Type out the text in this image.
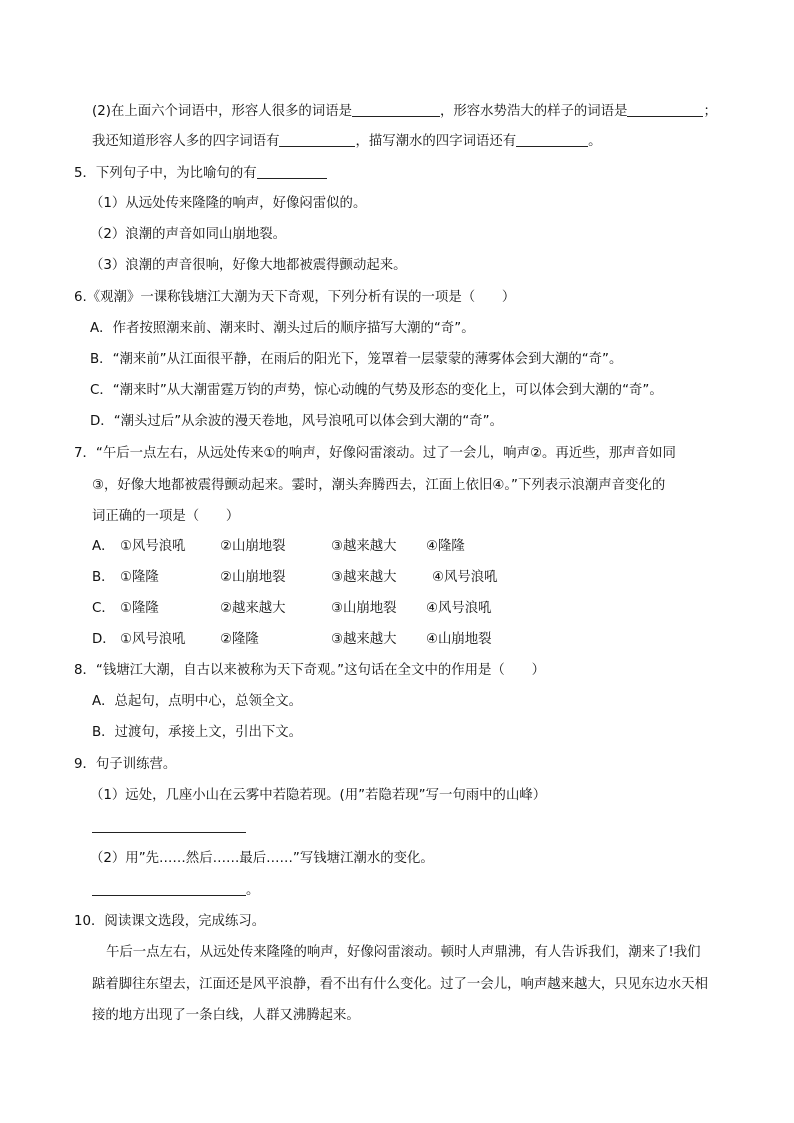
(2)在上面六个词语中，形容人很多的词语是	，形容水势浩大的样子的词语是	；
我还知道形容人多的四字词语有	，描写潮水的四字词语还有	。
5．下列句子中，为比喻句的有
（1）从远处传来隆隆的响声，好像闷雷似的。
（2）浪潮的声音如同山崩地裂。
（3）浪潮的声音很响，好像大地都被震得颤动起来。
6.《观潮》一课称钱塘江大潮为天下奇观，下列分析有误的一项是（　　）
A．作者按照潮来前、潮来时、潮头过后的顺序描写大潮的“奇”。
B．“潮来前”从江面很平静，在雨后的阳光下，笼罩着一层蒙蒙的薄雾体会到大潮的“奇”。
C．“潮来时”从大潮雷霆万钧的声势，惊心动魄的气势及形态的变化上，可以体会到大潮的“奇”。
D．“潮头过后”从余波的漫天卷地，风号浪吼可以体会到大潮的“奇”。
7．“午后一点左右，从远处传来①的响声，好像闷雷滚动。过了一会儿，响声②。再近些，那声音如同
③，好像大地都被震得颤动起来。霎时，潮头奔腾西去，江面上依旧④。”下列表示浪潮声音变化的
词正确的一项是（　　）
A． ①风号浪吼	②山崩地裂	③越来越大 ④隆隆
B． ①隆隆	②山崩地裂	③越来越大	④风号浪吼
C． ①隆隆	②越来越大	③山崩地裂 ④风号浪吼
D． ①风号浪吼	②隆隆	③越来越大 ④山崩地裂
8．“钱塘江大潮，自古以来被称为天下奇观。”这句话在全文中的作用是（　　）
A．总起句，点明中心，总领全文。
B．过渡句，承接上文，引出下文。
9．句子训练营。
（1）远处，几座小山在云雾中若隐若现。(用”若隐若现”写一句雨中的山峰）
（2）用”先……然后……最后……”写钱塘江潮水的变化。
。
10．阅读课文选段，完成练习。
午后一点左右，从远处传来隆隆的响声，好像闷雷滚动。顿时人声鼎沸，有人告诉我们，潮来了!我们
踮着脚往东望去，江面还是风平浪静，看不出有什么变化。过了一会儿，响声越来越大，只见东边水天相
接的地方出现了一条白线，人群又沸腾起来。
